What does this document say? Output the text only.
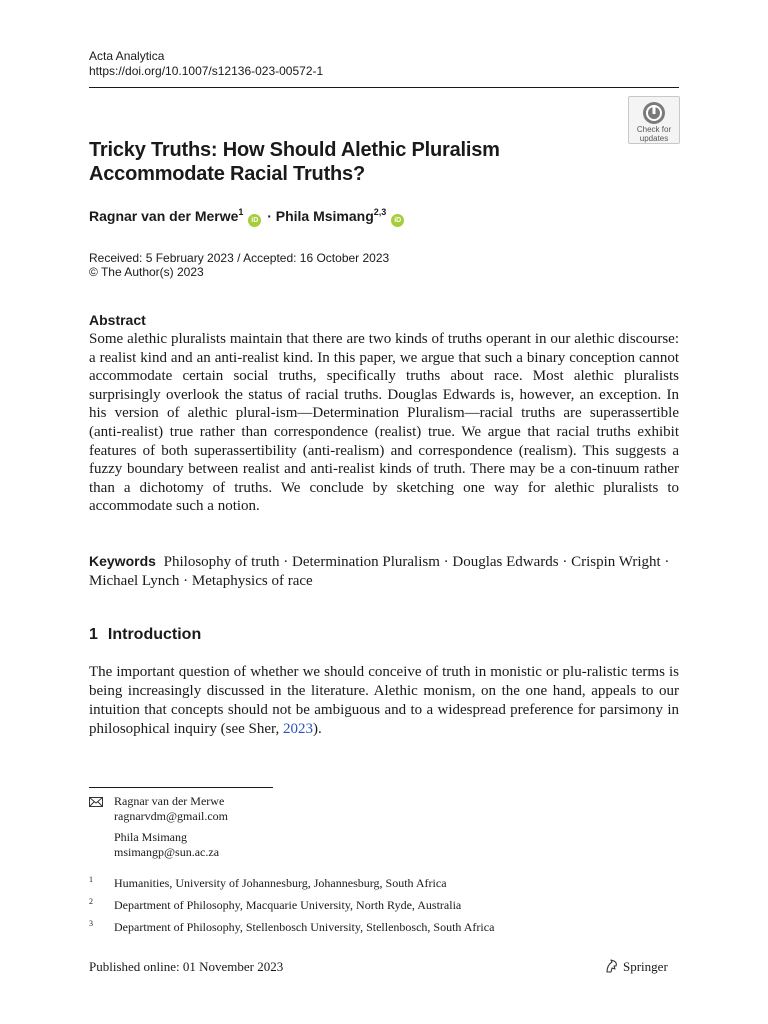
Acta Analytica
https://doi.org/10.1007/s12136-023-00572-1
Check for
updates
Tricky Truths: How Should Alethic Pluralism Accommodate Racial Truths?
Ragnar van der Merwe$^1$ iD · Phila Msimang$^{2,3}$ iD
Received: 5 February 2023 / Accepted: 16 October 2023
© The Author(s) 2023
Abstract
Some alethic pluralists maintain that there are two kinds of truths operant in our alethic discourse: a realist kind and an anti-realist kind. In this paper, we argue that such a binary conception cannot accommodate certain social truths, specifically truths about race. Most alethic pluralists surprisingly overlook the status of racial truths. Douglas Edwards is, however, an exception. In his version of alethic plural-ism—Determination Pluralism—racial truths are superassertible (anti-realist) true rather than correspondence (realist) true. We argue that racial truths exhibit features of both superassertibility (anti-realism) and correspondence (realism). This suggests a fuzzy boundary between realist and anti-realist kinds of truth. There may be a con-tinuum rather than a dichotomy of truths. We conclude by sketching one way for alethic pluralists to accommodate such a notion.
Keywords Philosophy of truth · Determination Pluralism · Douglas Edwards · Crispin Wright · Michael Lynch · Metaphysics of race
1 Introduction
The important question of whether we should conceive of truth in monistic or plu-ralistic terms is being increasingly discussed in the literature. Alethic monism, on the one hand, appeals to our intuition that concepts should not be ambiguous and to a widespread preference for parsimony in philosophical inquiry (see Sher, 2023).
Ragnar van der Merwe
ragnarvdm@gmail.com
Phila Msimang
msimangp@sun.ac.za
1 Humanities, University of Johannesburg, Johannesburg, South Africa
2 Department of Philosophy, Macquarie University, North Ryde, Australia
3 Department of Philosophy, Stellenbosch University, Stellenbosch, South Africa
Published online: 01 November 2023	Springer
